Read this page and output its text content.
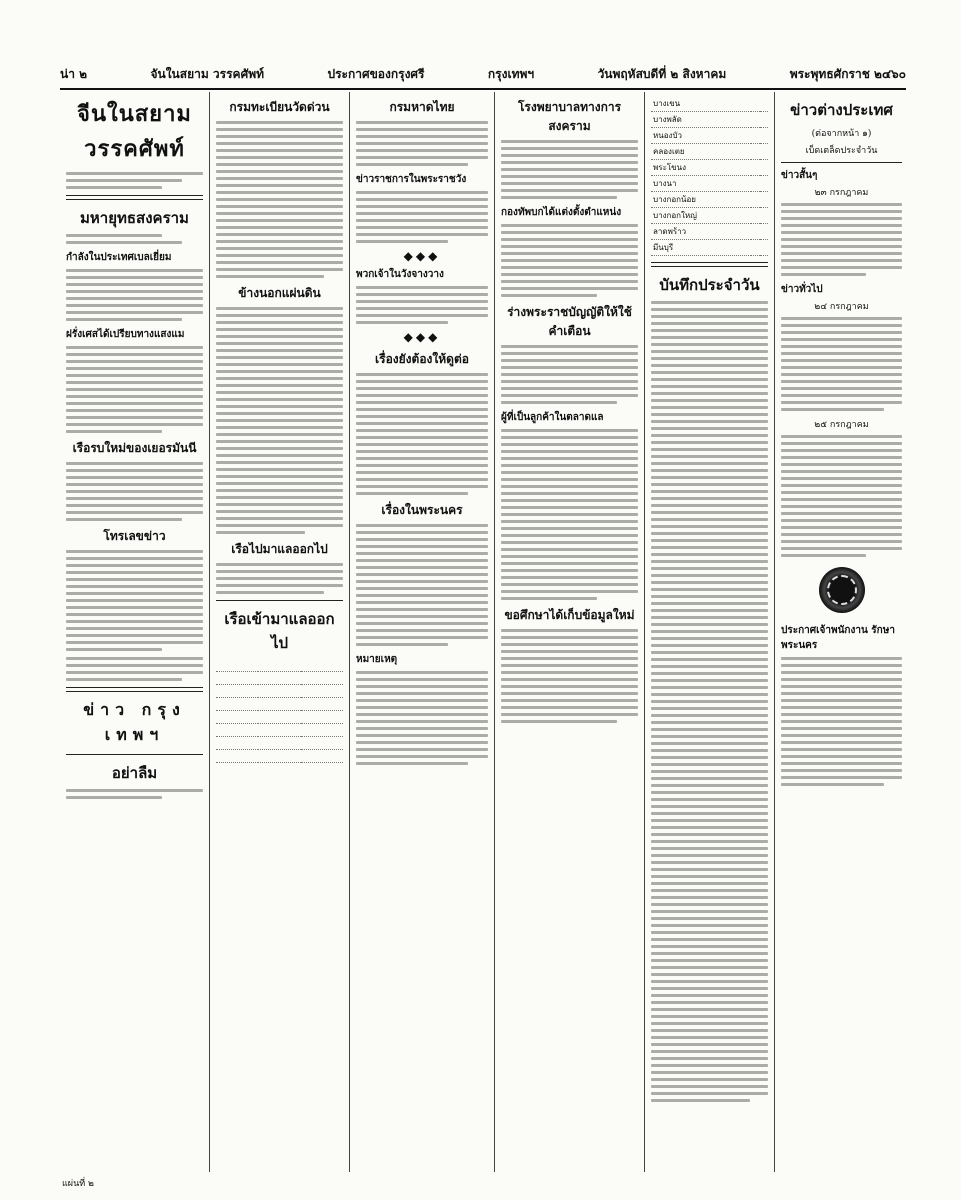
น่า ๒	จันในสยาม วรรคศัพท์	ประกาศของกรุงศรี	กรุงเทพฯ	วันพฤหัสบดีที่ ๒ สิงหาคม	พระพุทธศักราช ๒๔๖๐
จีนในสยามวรรคศัพท์
มหายุทธสงคราม
กำลังในประเทศเบลเยี่ยม
ฝรั่งเศสได้เปรียบทางแสงแม
เรือรบใหม่ของเยอรมันนี
โทรเลขข่าว
ข่าว กรุง เทพฯ
อย่าลืม
กรมทะเบียนวัดด่วน
ข้างนอกแผ่นดิน
เรือไปมาแลออกไป
เรือเข้ามาแลออกไป

กรมหาดไทย
ข่าวราชการในพระราชวัง
◆◆◆
พวกเจ้าในวังจางวาง
◆◆◆
เรื่องยังต้องให้ดูต่อ
เรื่องในพระนคร
หมายเหตุ
โรงพยาบาลทางการสงคราม
กองทัพบกได้แต่งตั้งตำแหน่ง
ร่างพระราชบัญญัติให้ใช้ คำเตือน
ผู้ที่เป็นลูกค้าในตลาดแล
ขอศึกษาได้เก็บข้อมูลใหม่
บางเขน		
บางพลัด		
หนองบัว		
คลองเตย		
พระโขนง		
บางนา		
บางกอกน้อย		
บางกอกใหญ่		
ลาดพร้าว		
มีนบุรี		
บันทึกประจำวัน
ข่าวต่างประเทศ
(ต่อจากหน้า ๑)
เบ็ดเตล็ดประจำวัน
ข่าวสั้นๆ
๒๓ กรกฎาคม
ข่าวทั่วไป
๒๔ กรกฎาคม
๒๕ กรกฎาคม
ประกาศเจ้าพนักงาน รักษาพระนคร
แผ่นที่ ๒
